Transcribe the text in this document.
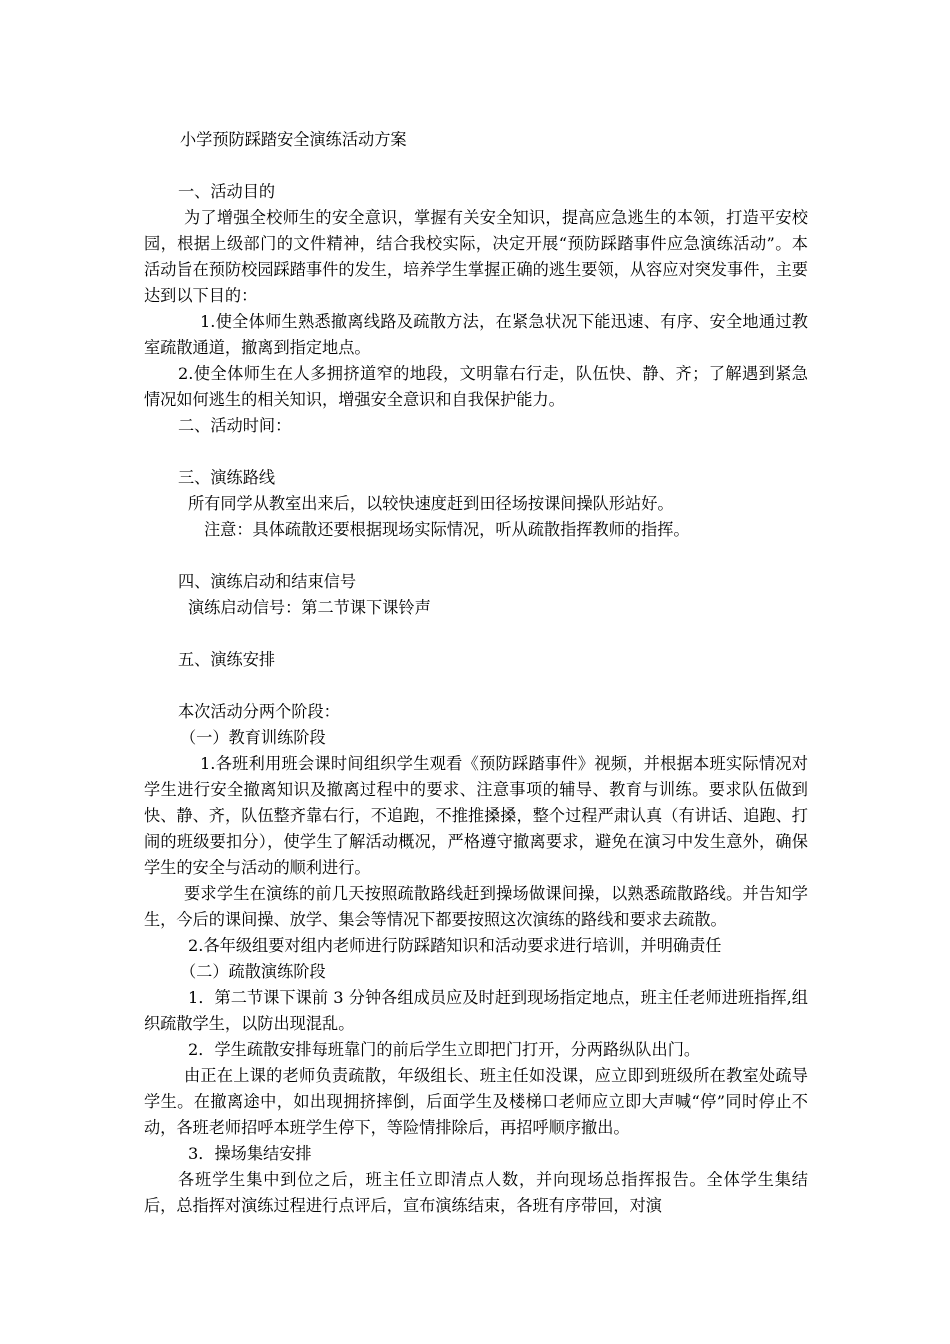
小学预防踩踏安全演练活动方案

一、活动目的

为了增强全校师生的安全意识，掌握有关安全知识，提高应急逃生的本领，打造平安校园，根据上级部门的文件精神，结合我校实际，决定开展“预防踩踏事件应急演练活动”。本活动旨在预防校园踩踏事件的发生，培养学生掌握正确的逃生要领，从容应对突发事件，主要达到以下目的：

1.使全体师生熟悉撤离线路及疏散方法，在紧急状况下能迅速、有序、安全地通过教室疏散通道，撤离到指定地点。

2.使全体师生在人多拥挤道窄的地段，文明靠右行走，队伍快、静、齐；了解遇到紧急情况如何逃生的相关知识，增强安全意识和自我保护能力。

二、活动时间：

三、演练路线

所有同学从教室出来后，以较快速度赶到田径场按课间操队形站好。

注意：具体疏散还要根据现场实际情况，听从疏散指挥教师的指挥。

四、演练启动和结束信号

演练启动信号：第二节课下课铃声

五、演练安排

本次活动分两个阶段：

（一）教育训练阶段

1.各班利用班会课时间组织学生观看《预防踩踏事件》视频，并根据本班实际情况对学生进行安全撤离知识及撤离过程中的要求、注意事项的辅导、教育与训练。要求队伍做到快、静、齐，队伍整齐靠右行，不追跑，不推推搡搡，整个过程严肃认真（有讲话、追跑、打闹的班级要扣分），使学生了解活动概况，严格遵守撤离要求，避免在演习中发生意外，确保学生的安全与活动的顺利进行。

要求学生在演练的前几天按照疏散路线赶到操场做课间操，以熟悉疏散路线。并告知学生，今后的课间操、放学、集会等情况下都要按照这次演练的路线和要求去疏散。

2.各年级组要对组内老师进行防踩踏知识和活动要求进行培训，并明确责任

（二）疏散演练阶段

1．第二节课下课前 3 分钟各组成员应及时赶到现场指定地点，班主任老师进班指挥,组织疏散学生，以防出现混乱。

2．学生疏散安排每班靠门的前后学生立即把门打开，分两路纵队出门。

由正在上课的老师负责疏散，年级组长、班主任如没课，应立即到班级所在教室处疏导学生。在撤离途中，如出现拥挤摔倒，后面学生及楼梯口老师应立即大声喊“停”同时停止不动，各班老师招呼本班学生停下，等险情排除后，再招呼顺序撤出。

3．操场集结安排

各班学生集中到位之后，班主任立即清点人数，并向现场总指挥报告。全体学生集结后，总指挥对演练过程进行点评后，宣布演练结束，各班有序带回，对演
